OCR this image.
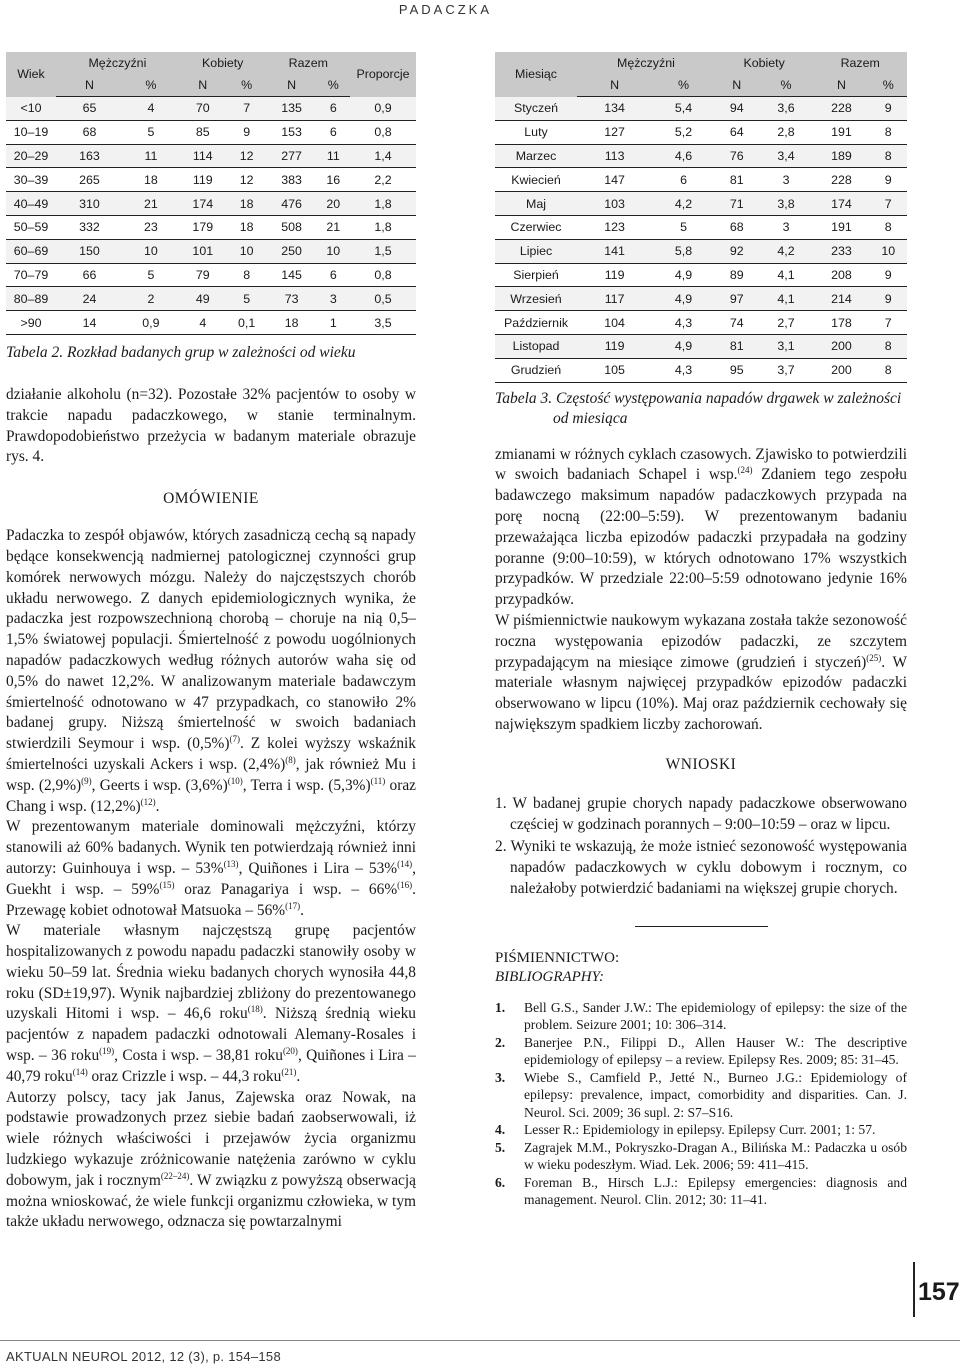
PADACZKA
Wiek	Mężczyźni		Kobiety		Razem		Proporcje
	N	%	N	%	N	%	
<10	65	4	70	7	135	6	0,9
10–19	68	5	85	9	153	6	0,8
20–29	163	11	114	12	277	11	1,4
30–39	265	18	119	12	383	16	2,2
40–49	310	21	174	18	476	20	1,8
50–59	332	23	179	18	508	21	1,8
60–69	150	10	101	10	250	10	1,5
70–79	66	5	79	8	145	6	0,8
80–89	24	2	49	5	73	3	0,5
>90	14	0,9	4	0,1	18	1	3,5
Tabela 2. Rozkład badanych grup w zależności od wieku

działanie alkoholu (n=32). Pozostałe 32% pacjentów to osoby w trakcie napadu padaczkowego, w stanie terminalnym. Prawdopodobieństwo przeżycia w badanym materiale obrazuje rys. 4.

OMÓWIENIE

Padaczka to zespół objawów, których zasadniczą cechą są napady będące konsekwencją nadmiernej patologicznej czynności grup komórek nerwowych mózgu. Należy do najczęstszych chorób układu nerwowego. Z danych epidemiologicznych wynika, że padaczka jest rozpowszechnioną chorobą – choruje na nią 0,5–1,5% światowej populacji. Śmiertelność z powodu uogólnionych napadów padaczkowych według różnych autorów waha się od 0,5% do nawet 12,2%. W analizowanym materiale badawczym śmiertelność odnotowano w 47 przypadkach, co stanowiło 2% badanej grupy. Niższą śmiertelność w swoich badaniach stwierdzili Seymour i wsp. $(0,5\%)^{(7)}$. Z kolei wyższy wskaźnik śmiertelności uzyskali Ackers i wsp. $(2,4\%)^{(8)}$, jak również Mu i wsp. $(2,9\%)^{(9)}$, Geerts i wsp. $(3,6\%)^{(10)}$, Terra i wsp. $(5,3\%)^{(11)}$ oraz Chang i wsp. $(12,2\%)^{(12)}$.

W prezentowanym materiale dominowali mężczyźni, którzy stanowili aż 60% badanych. Wynik ten potwierdzają również inni autorzy: Guinhouya i wsp. – 53%$^{(13)}$, Quiñones i Lira – 53%$^{(14)}$, Guekht i wsp. – 59%$^{(15)}$ oraz Panagariya i wsp. – 66%$^{(16)}$. Przewagę kobiet odnotował Matsuoka – 56%$^{(17)}$.

W materiale własnym najczęstszą grupę pacjentów hospitalizowanych z powodu napadu padaczki stanowiły osoby w wieku 50–59 lat. Średnia wieku badanych chorych wynosiła 44,8 roku (SD±19,97). Wynik najbardziej zbliżony do prezentowanego uzyskali Hitomi i wsp. – 46,6 roku$^{(18)}$. Niższą średnią wieku pacjentów z napadem padaczki odnotowali Alemany-Rosales i wsp. – 36 roku$^{(19)}$, Costa i wsp. – 38,81 roku$^{(20)}$, Quiñones i Lira – 40,79 roku$^{(14)}$ oraz Crizzle i wsp. – 44,3 roku$^{(21)}$.

Autorzy polscy, tacy jak Janus, Zajewska oraz Nowak, na podstawie prowadzonych przez siebie badań zaobserwowali, iż wiele różnych właściwości i przejawów życia organizmu ludzkiego wykazuje zróżnicowanie natężenia zarówno w cyklu dobowym, jak i rocznym$^{(22-24)}$. W związku z powyższą obserwacją można wnioskować, że wiele funkcji organizmu człowieka, w tym także układu nerwowego, odznacza się powtarzalnymi

Miesiąc	Mężczyźni		Kobiety		Razem	
	N	%	N	%	N	%
Styczeń	134	5,4	94	3,6	228	9
Luty	127	5,2	64	2,8	191	8
Marzec	113	4,6	76	3,4	189	8
Kwiecień	147	6	81	3	228	9
Maj	103	4,2	71	3,8	174	7
Czerwiec	123	5	68	3	191	8
Lipiec	141	5,8	92	4,2	233	10
Sierpień	119	4,9	89	4,1	208	9
Wrzesień	117	4,9	97	4,1	214	9
Październik	104	4,3	74	2,7	178	7
Listopad	119	4,9	81	3,1	200	8
Grudzień	105	4,3	95	3,7	200	8
Tabela 3. Częstość występowania napadów drgawek w zależności
od miesiąca

zmianami w różnych cyklach czasowych. Zjawisko to potwierdzili w swoich badaniach Schapel i wsp.$^{(24)}$ Zdaniem tego zespołu badawczego maksimum napadów padaczkowych przypada na porę nocną (22:00–5:59). W prezentowanym badaniu przeważająca liczba epizodów padaczki przypadała na godziny poranne (9:00–10:59), w których odnotowano 17% wszystkich przypadków. W przedziale 22:00–5:59 odnotowano jedynie 16% przypadków.

W piśmiennictwie naukowym wykazana została także sezonowość roczna występowania epizodów padaczki, ze szczytem przypadającym na miesiące zimowe (grudzień i styczeń)$^{(25)}$. W materiale własnym najwięcej przypadków epizodów padaczki obserwowano w lipcu (10%). Maj oraz październik cechowały się największym spadkiem liczby zachorowań.

WNIOSKI
1. W badanej grupie chorych napady padaczkowe obserwowano częściej w godzinach porannych – 9:00–10:59 – oraz w lipcu.
2. Wyniki te wskazują, że może istnieć sezonowość występowania napadów padaczkowych w cyklu dobowym i rocznym, co należałoby potwierdzić badaniami na większej grupie chorych.
PIŚMIENNICTWO:
BIBLIOGRAPHY:
1.	Bell G.S., Sander J.W.: The epidemiology of epilepsy: the size of the problem. Seizure 2001; 10: 306–314.
2.	Banerjee P.N., Filippi D., Allen Hauser W.: The descriptive epidemiology of epilepsy – a review. Epilepsy Res. 2009; 85: 31–45.
3.	Wiebe S., Camfield P., Jetté N., Burneo J.G.: Epidemiology of epilepsy: prevalence, impact, comorbidity and disparities. Can. J. Neurol. Sci. 2009; 36 supl. 2: S7–S16.
4.	Lesser R.: Epidemiology in epilepsy. Epilepsy Curr. 2001; 1: 57.
5.	Zagrajek M.M., Pokryszko-Dragan A., Bilińska M.: Padaczka u osób w wieku podeszłym. Wiad. Lek. 2006; 59: 411–415.
6.	Foreman B., Hirsch L.J.: Epilepsy emergencies: diagnosis and management. Neurol. Clin. 2012; 30: 11–41.
157
AKTUALN NEUROL 2012, 12 (3), p. 154–158
